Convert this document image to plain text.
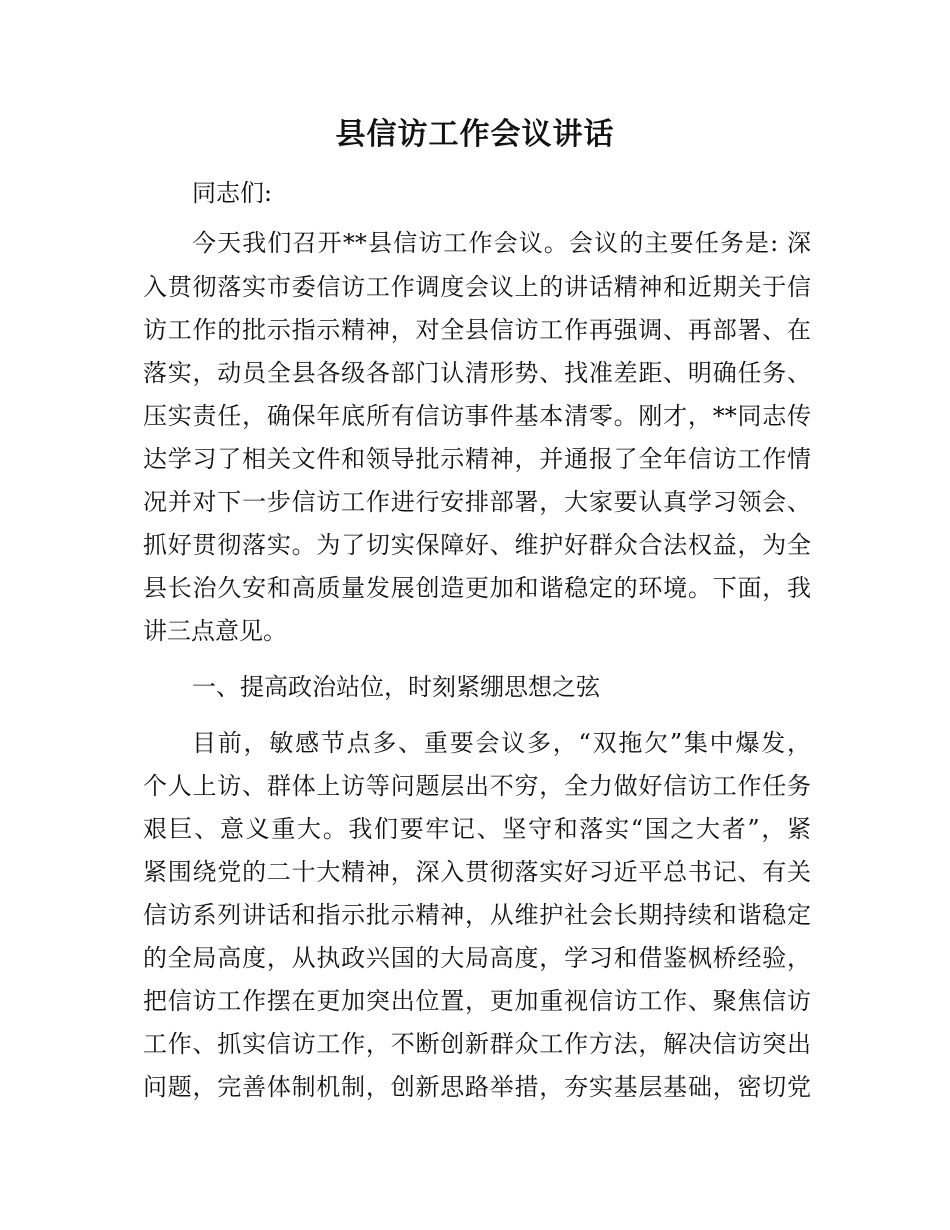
县信访工作会议讲话
同志们:
今天我们召开**县信访工作会议。会议的主要任务是: 深
入贯彻落实市委信访工作调度会议上的讲话精神和近期关于信
访工作的批示指示精神，对全县信访工作再强调、再部署、在
落实，动员全县各级各部门认清形势、找准差距、明确任务、
压实责任，确保年底所有信访事件基本清零。刚才，**同志传
达学习了相关文件和领导批示精神，并通报了全年信访工作情
况并对下一步信访工作进行安排部署，大家要认真学习领会、
抓好贯彻落实。为了切实保障好、维护好群众合法权益，为全
县长治久安和高质量发展创造更加和谐稳定的环境。下面，我
讲三点意见。
一、提高政治站位，时刻紧绷思想之弦
目前，敏感节点多、重要会议多，“双拖欠”集中爆发，
个人上访、群体上访等问题层出不穷，全力做好信访工作任务
艰巨、意义重大。我们要牢记、坚守和落实“国之大者”，紧
紧围绕党的二十大精神，深入贯彻落实好习近平总书记、有关
信访系列讲话和指示批示精神，从维护社会长期持续和谐稳定
的全局高度，从执政兴国的大局高度，学习和借鉴枫桥经验，
把信访工作摆在更加突出位置，更加重视信访工作、聚焦信访
工作、抓实信访工作，不断创新群众工作方法，解决信访突出
问题，完善体制机制，创新思路举措，夯实基层基础，密切党
